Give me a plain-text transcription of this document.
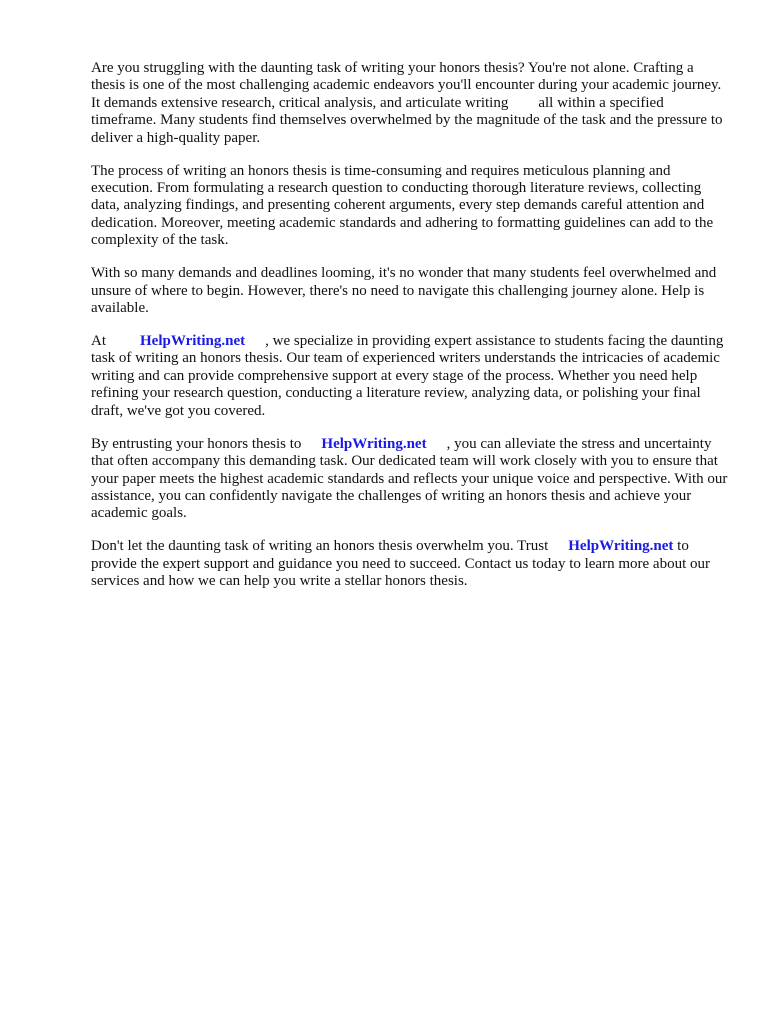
Are you struggling with the daunting task of writing your honors thesis? You're not alone. Crafting a thesis is one of the most challenging academic endeavors you'll encounter during your academic journey. It demands extensive research, critical analysis, and articulate writing  all within a specified timeframe. Many students find themselves overwhelmed by the magnitude of the task and the pressure to deliver a high-quality paper.

The process of writing an honors thesis is time-consuming and requires meticulous planning and execution. From formulating a research question to conducting thorough literature reviews, collecting data, analyzing findings, and presenting coherent arguments, every step demands careful attention and dedication. Moreover, meeting academic standards and adhering to formatting guidelines can add to the complexity of the task.

With so many demands and deadlines looming, it's no wonder that many students feel overwhelmed and unsure of where to begin. However, there's no need to navigate this challenging journey alone. Help is available.

At HelpWriting.net , we specialize in providing expert assistance to students facing the daunting task of writing an honors thesis. Our team of experienced writers understands the intricacies of academic writing and can provide comprehensive support at every stage of the process. Whether you need help refining your research question, conducting a literature review, analyzing data, or polishing your final draft, we've got you covered.

By entrusting your honors thesis to HelpWriting.net , you can alleviate the stress and uncertainty that often accompany this demanding task. Our dedicated team will work closely with you to ensure that your paper meets the highest academic standards and reflects your unique voice and perspective. With our assistance, you can confidently navigate the challenges of writing an honors thesis and achieve your academic goals.

Don't let the daunting task of writing an honors thesis overwhelm you. Trust HelpWriting.net to provide the expert support and guidance you need to succeed. Contact us today to learn more about our services and how we can help you write a stellar honors thesis.
